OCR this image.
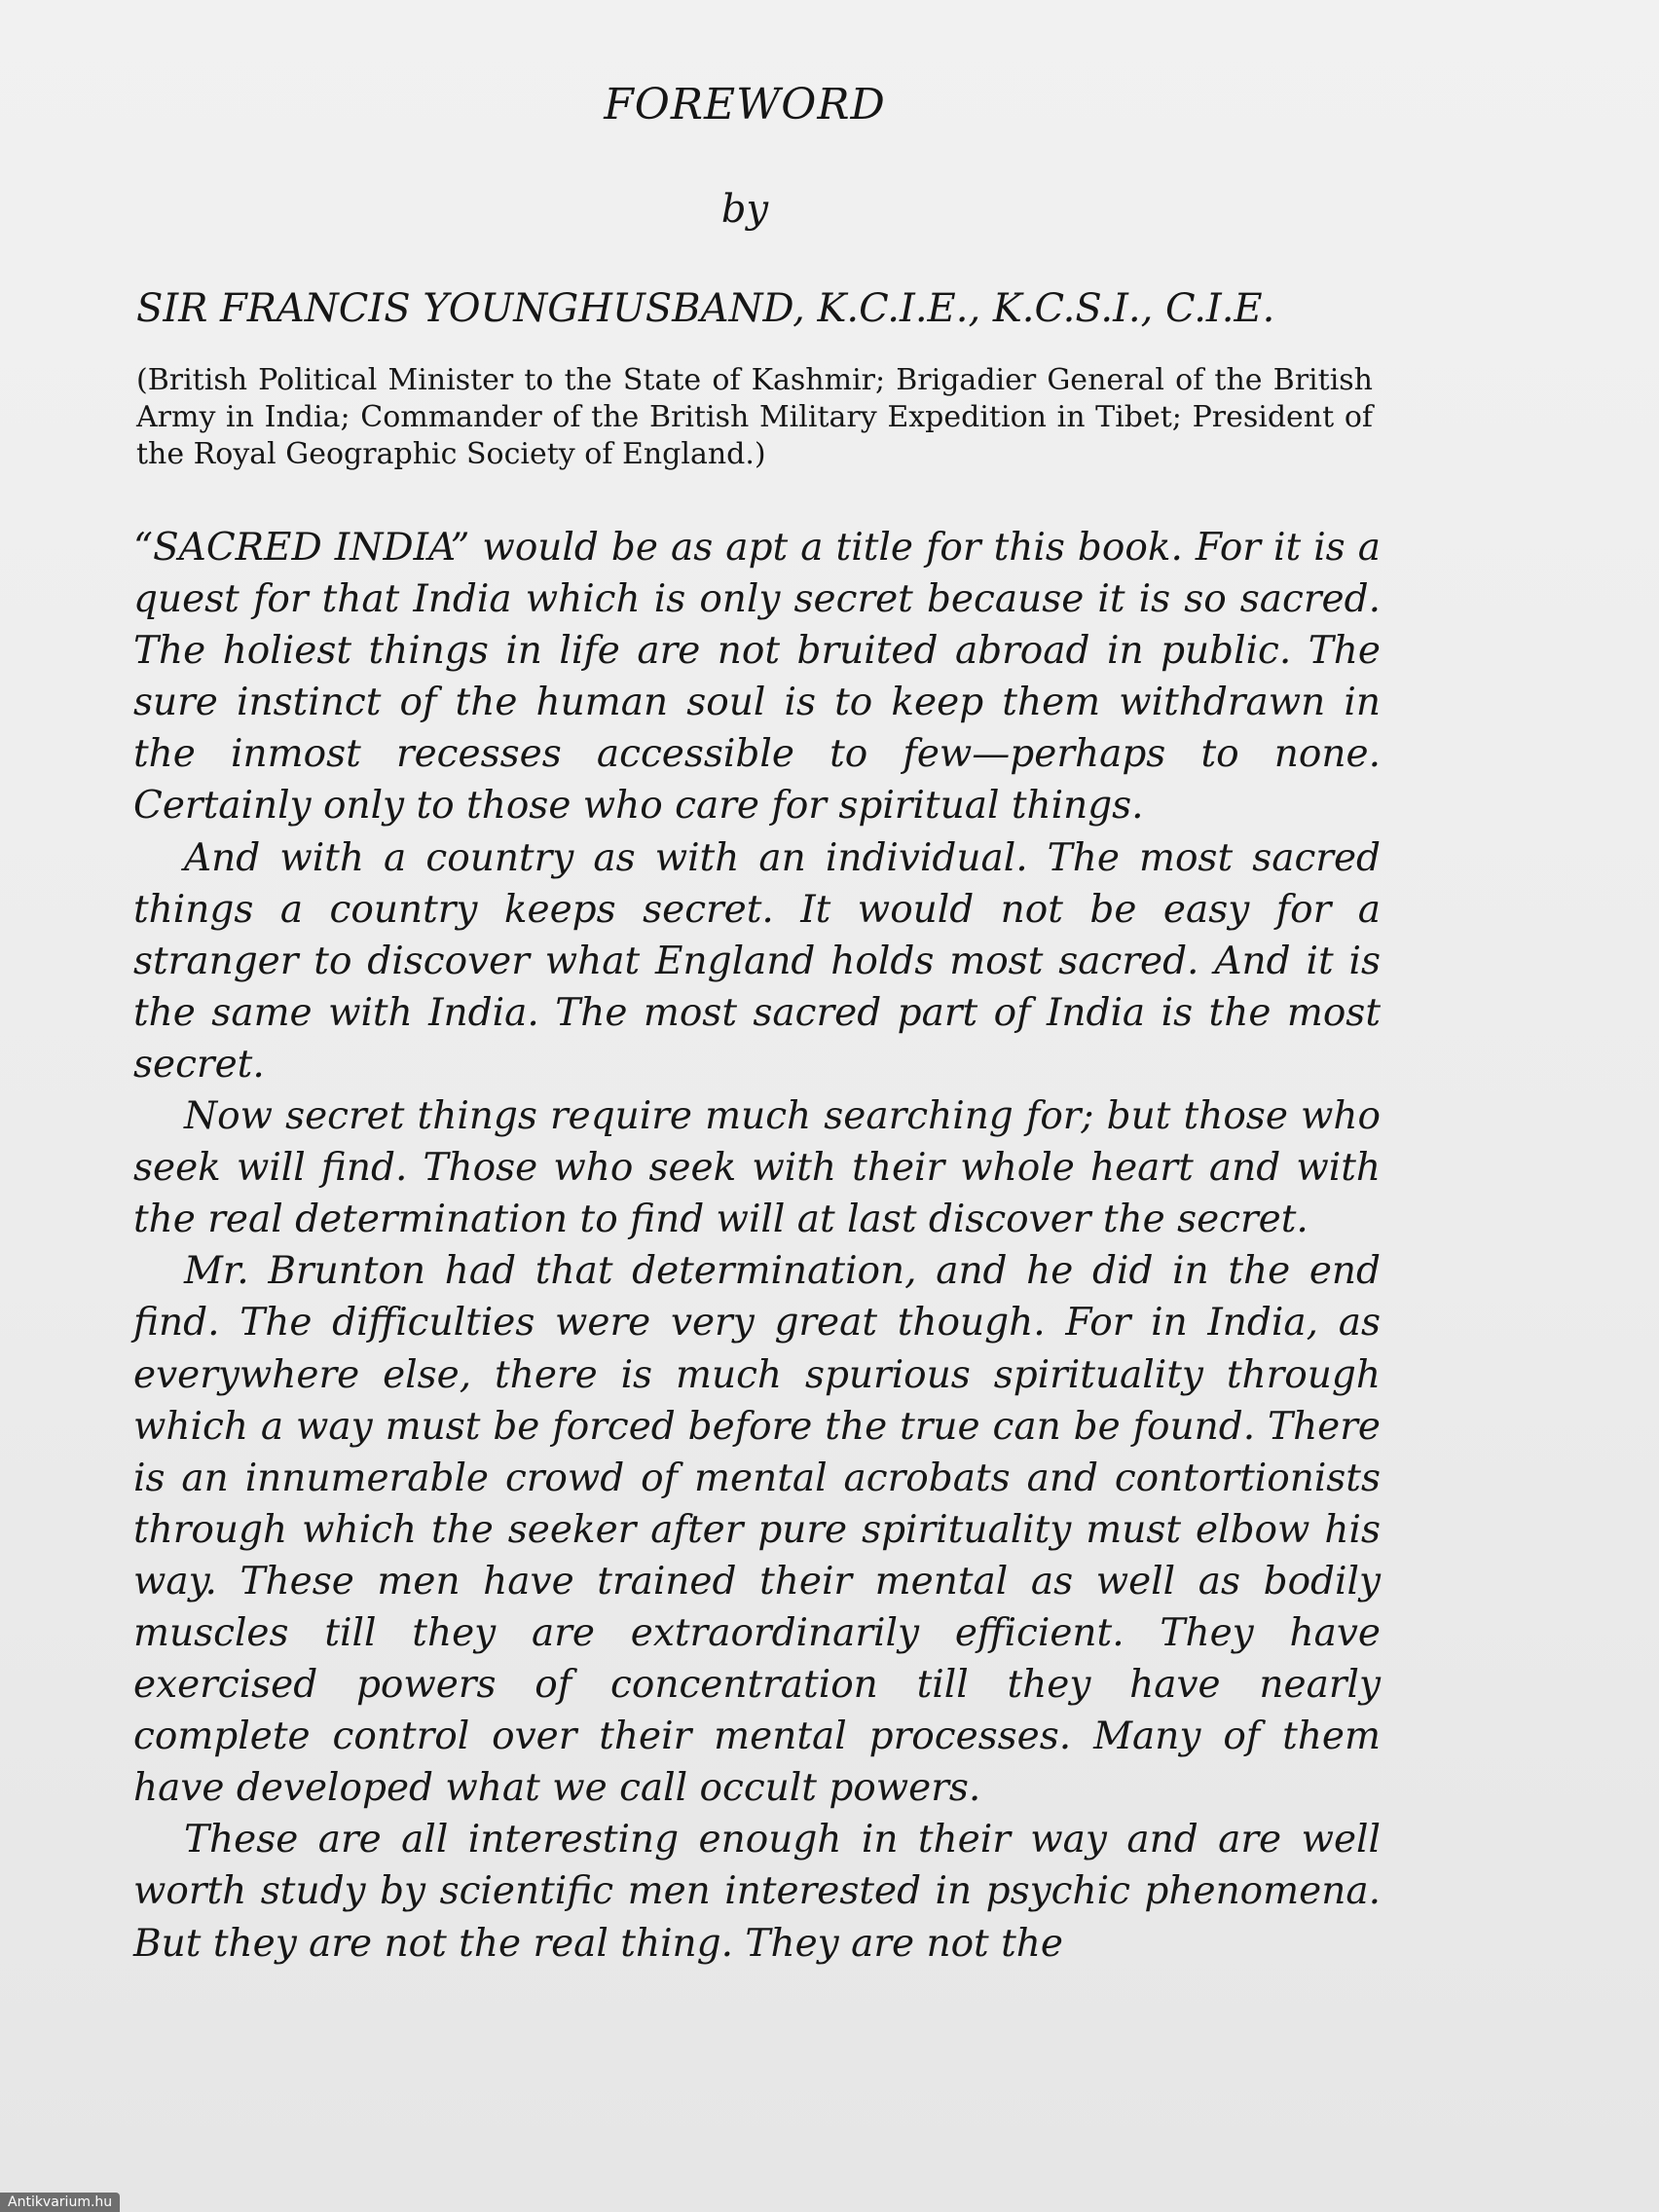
FOREWORD
by
SIR FRANCIS YOUNGHUSBAND, K.C.I.E., K.C.S.I., C.I.E.
(British Political Minister to the State of Kashmir; Brigadier General of the British Army in India; Commander of the British Military Expedition in Tibet; President of the Royal Geographic Society of England.)

“SACRED INDIA” would be as apt a title for this book. For it is a quest for that India which is only secret because it is so sacred. The holiest things in life are not bruited abroad in public. The sure instinct of the human soul is to keep them withdrawn in the inmost recesses accessible to few—perhaps to none. Certainly only to those who care for spiritual things.

And with a country as with an individual. The most sacred things a country keeps secret. It would not be easy for a stranger to discover what England holds most sacred. And it is the same with India. The most sacred part of India is the most secret.

Now secret things require much searching for; but those who seek will find. Those who seek with their whole heart and with the real determination to find will at last discover the secret.

Mr. Brunton had that determination, and he did in the end find. The difficulties were very great though. For in India, as everywhere else, there is much spurious spirituality through which a way must be forced before the true can be found. There is an innumerable crowd of mental acrobats and contortionists through which the seeker after pure spirituality must elbow his way. These men have trained their mental as well as bodily muscles till they are extraordinarily efficient. They have exercised powers of concentration till they have nearly complete control over their mental processes. Many of them have developed what we call occult powers.

These are all interesting enough in their way and are well worth study by scientific men interested in psychic phenomena. But they are not the real thing. They are not the

Antikvarium.hu
